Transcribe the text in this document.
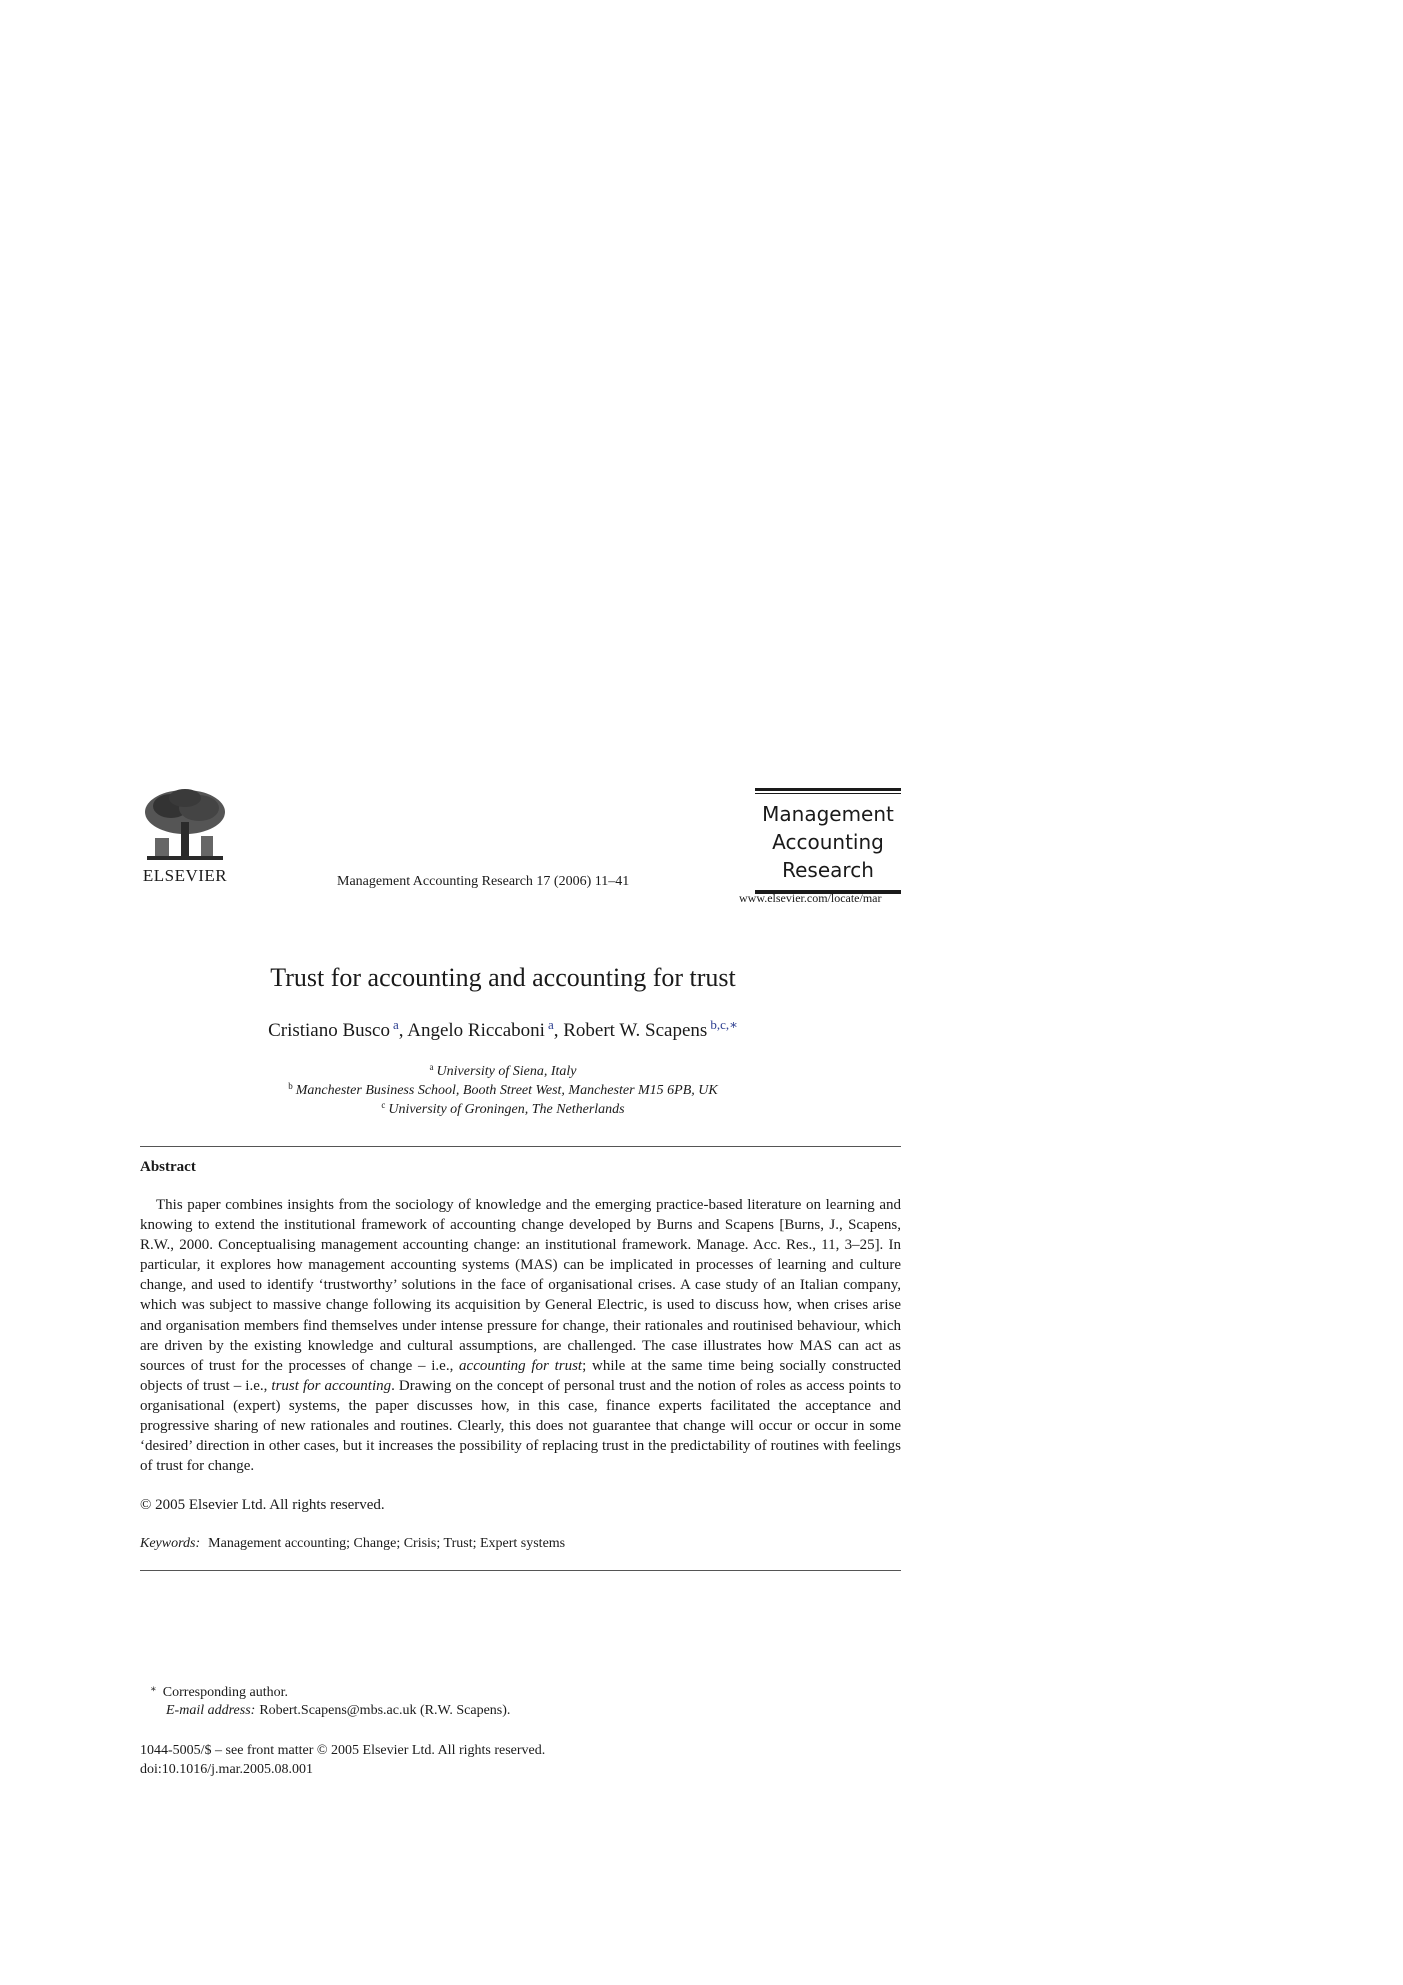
ELSEVIER	Management Accounting Research 17 (2006) 11–41
Management
Accounting
Research
www.elsevier.com/locate/mar
Trust for accounting and accounting for trust
Cristiano Busco $^a$, Angelo Riccaboni $^a$, Robert W. Scapens $^{b,c,∗}$
$^a$ University of Siena, Italy
$^b$ Manchester Business School, Booth Street West, Manchester M15 6PB, UK
$^c$ University of Groningen, The Netherlands
Abstract
This paper combines insights from the sociology of knowledge and the emerging practice-based literature on learning and knowing to extend the institutional framework of accounting change developed by Burns and Scapens [Burns, J., Scapens, R.W., 2000. Conceptualising management accounting change: an institutional framework. Manage. Acc. Res., 11, 3–25]. In particular, it explores how management accounting systems (MAS) can be implicated in processes of learning and culture change, and used to identify ‘trustworthy’ solutions in the face of organisational crises. A case study of an Italian company, which was subject to massive change following its acquisition by General Electric, is used to discuss how, when crises arise and organisation members find themselves under intense pressure for change, their rationales and routinised behaviour, which are driven by the existing knowledge and cultural assumptions, are challenged. The case illustrates how MAS can act as sources of trust for the processes of change – i.e., accounting for trust; while at the same time being socially constructed objects of trust – i.e., trust for accounting. Drawing on the concept of personal trust and the notion of roles as access points to organisational (expert) systems, the paper discusses how, in this case, finance experts facilitated the acceptance and progressive sharing of new rationales and routines. Clearly, this does not guarantee that change will occur or occur in some ‘desired’ direction in other cases, but it increases the possibility of replacing trust in the predictability of routines with feelings of trust for change.
© 2005 Elsevier Ltd. All rights reserved.
Keywords: Management accounting; Change; Crisis; Trust; Expert systems
∗ Corresponding author.
E-mail address: Robert.Scapens@mbs.ac.uk (R.W. Scapens).
1044-5005/$ – see front matter © 2005 Elsevier Ltd. All rights reserved.
doi:10.1016/j.mar.2005.08.001
